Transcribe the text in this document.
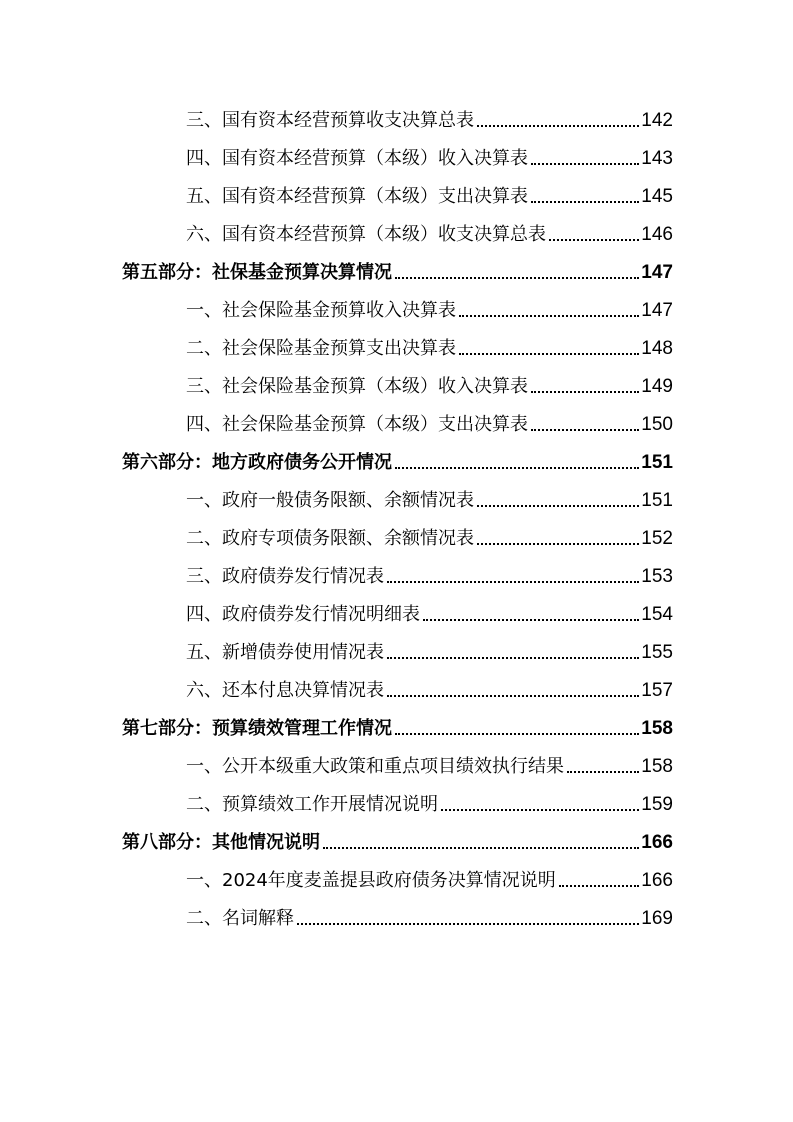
三、国有资本经营预算收支决算总表	142
四、国有资本经营预算（本级）收入决算表	143
五、国有资本经营预算（本级）支出决算表	145
六、国有资本经营预算（本级）收支决算总表	146
第五部分：社保基金预算决算情况	147
一、社会保险基金预算收入决算表	147
二、社会保险基金预算支出决算表	148
三、社会保险基金预算（本级）收入决算表	149
四、社会保险基金预算（本级）支出决算表	150
第六部分：地方政府债务公开情况	151
一、政府一般债务限额、余额情况表	151
二、政府专项债务限额、余额情况表	152
三、政府债券发行情况表	153
四、政府债券发行情况明细表	154
五、新增债券使用情况表	155
六、还本付息决算情况表	157
第七部分：预算绩效管理工作情况	158
一、公开本级重大政策和重点项目绩效执行结果	158
二、预算绩效工作开展情况说明	159
第八部分：其他情况说明	166
一、2024年度麦盖提县政府债务决算情况说明	166
二、名词解释	169
